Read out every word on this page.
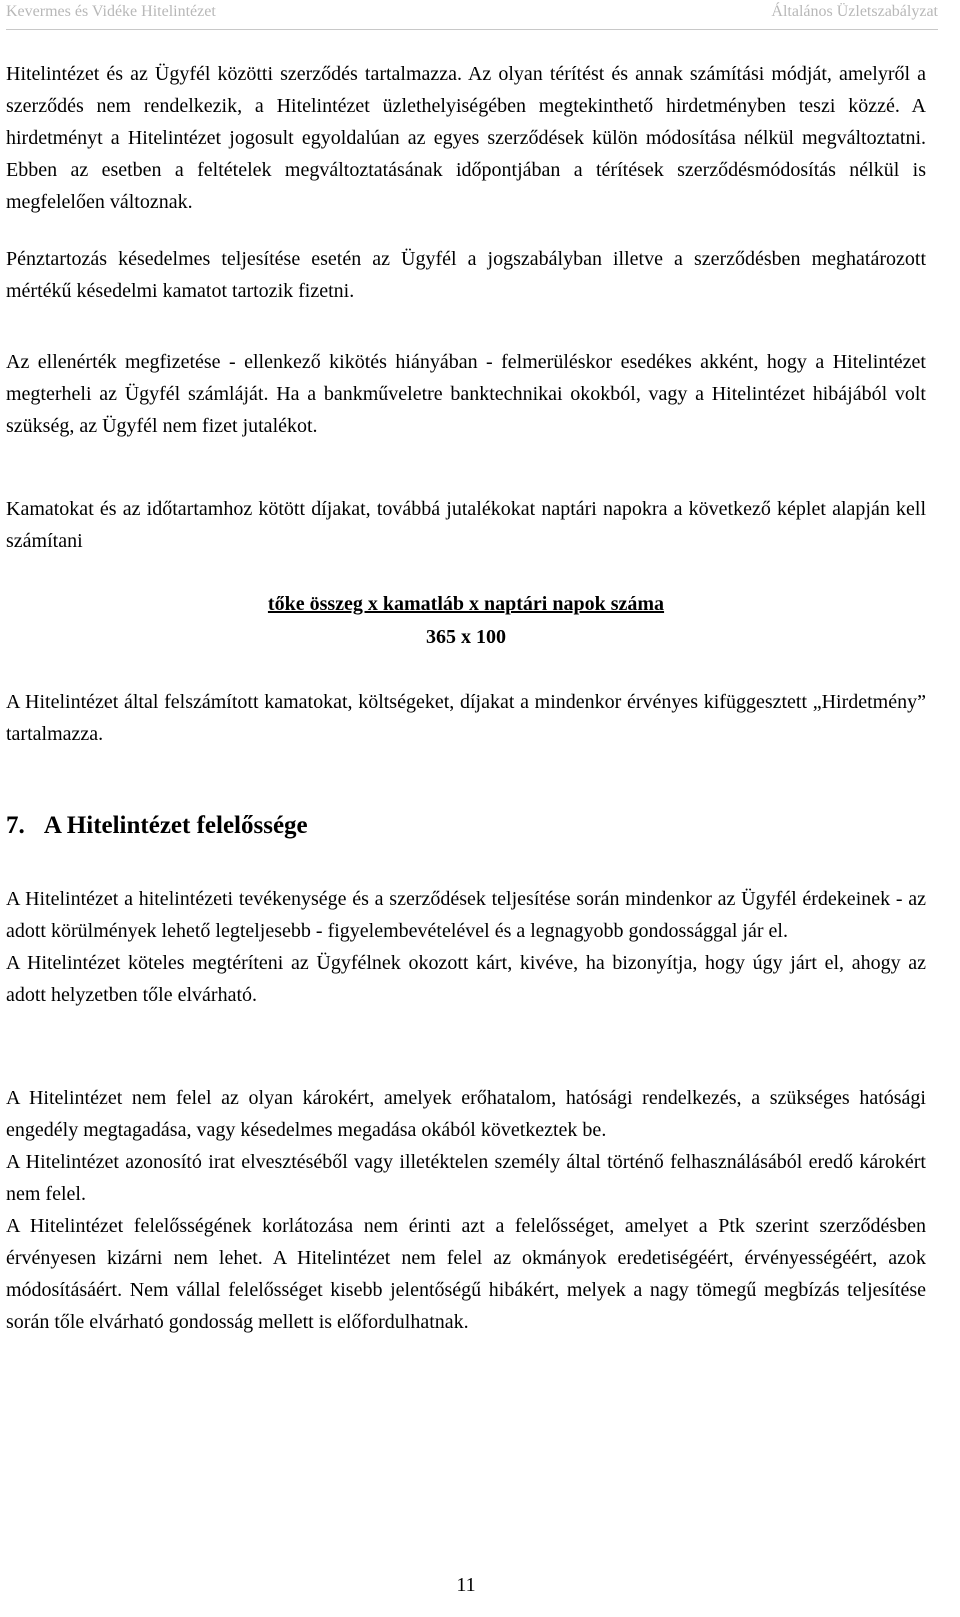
Kevermes és Vidéke Hitelintézet	Általános Üzletszabályzat

Hitelintézet és az Ügyfél közötti szerződés tartalmazza. Az olyan térítést és annak számítási módját, amelyről a szerződés nem rendelkezik, a Hitelintézet üzlethelyiségében megtekinthető hirdetményben teszi közzé. A hirdetményt a Hitelintézet jogosult egyoldalúan az egyes szerződések külön módosítása nélkül megváltoztatni. Ebben az esetben a feltételek megváltoztatásának időpontjában a térítések szerződésmódosítás nélkül is megfelelően változnak.

Pénztartozás késedelmes teljesítése esetén az Ügyfél a jogszabályban illetve a szerződésben meghatározott mértékű késedelmi kamatot tartozik fizetni.

Az ellenérték megfizetése - ellenkező kikötés hiányában - felmerüléskor esedékes akként, hogy a Hitelintézet megterheli az Ügyfél számláját. Ha a bankműveletre banktechnikai okokból, vagy a Hitelintézet hibájából volt szükség, az Ügyfél nem fizet jutalékot.

Kamatokat és az időtartamhoz kötött díjakat, továbbá jutalékokat naptári napokra a következő képlet alapján kell számítani

tőke összeg x kamatláb x naptári napok száma
365 x 100

A Hitelintézet által felszámított kamatokat, költségeket, díjakat a mindenkor érvényes kifüggesztett „Hirdetmény” tartalmazza.

7. A Hitelintézet felelőssége

A Hitelintézet a hitelintézeti tevékenysége és a szerződések teljesítése során mindenkor az Ügyfél érdekeinek - az adott körülmények lehető legteljesebb - figyelembevételével és a legnagyobb gondossággal jár el.
A Hitelintézet köteles megtéríteni az Ügyfélnek okozott kárt, kivéve, ha bizonyítja, hogy úgy járt el, ahogy az adott helyzetben tőle elvárható.

A Hitelintézet nem felel az olyan károkért, amelyek erőhatalom, hatósági rendelkezés, a szükséges hatósági engedély megtagadása, vagy késedelmes megadása okából következtek be.
A Hitelintézet azonosító irat elvesztéséből vagy illetéktelen személy által történő felhasználásából eredő károkért nem felel.
A Hitelintézet felelősségének korlátozása nem érinti azt a felelősséget, amelyet a Ptk szerint szerződésben érvényesen kizárni nem lehet. A Hitelintézet nem felel az okmányok eredetiségéért, érvényességéért, azok módosításáért. Nem vállal felelősséget kisebb jelentőségű hibákért, melyek a nagy tömegű megbízás teljesítése során tőle elvárható gondosság mellett is előfordulhatnak.

11
